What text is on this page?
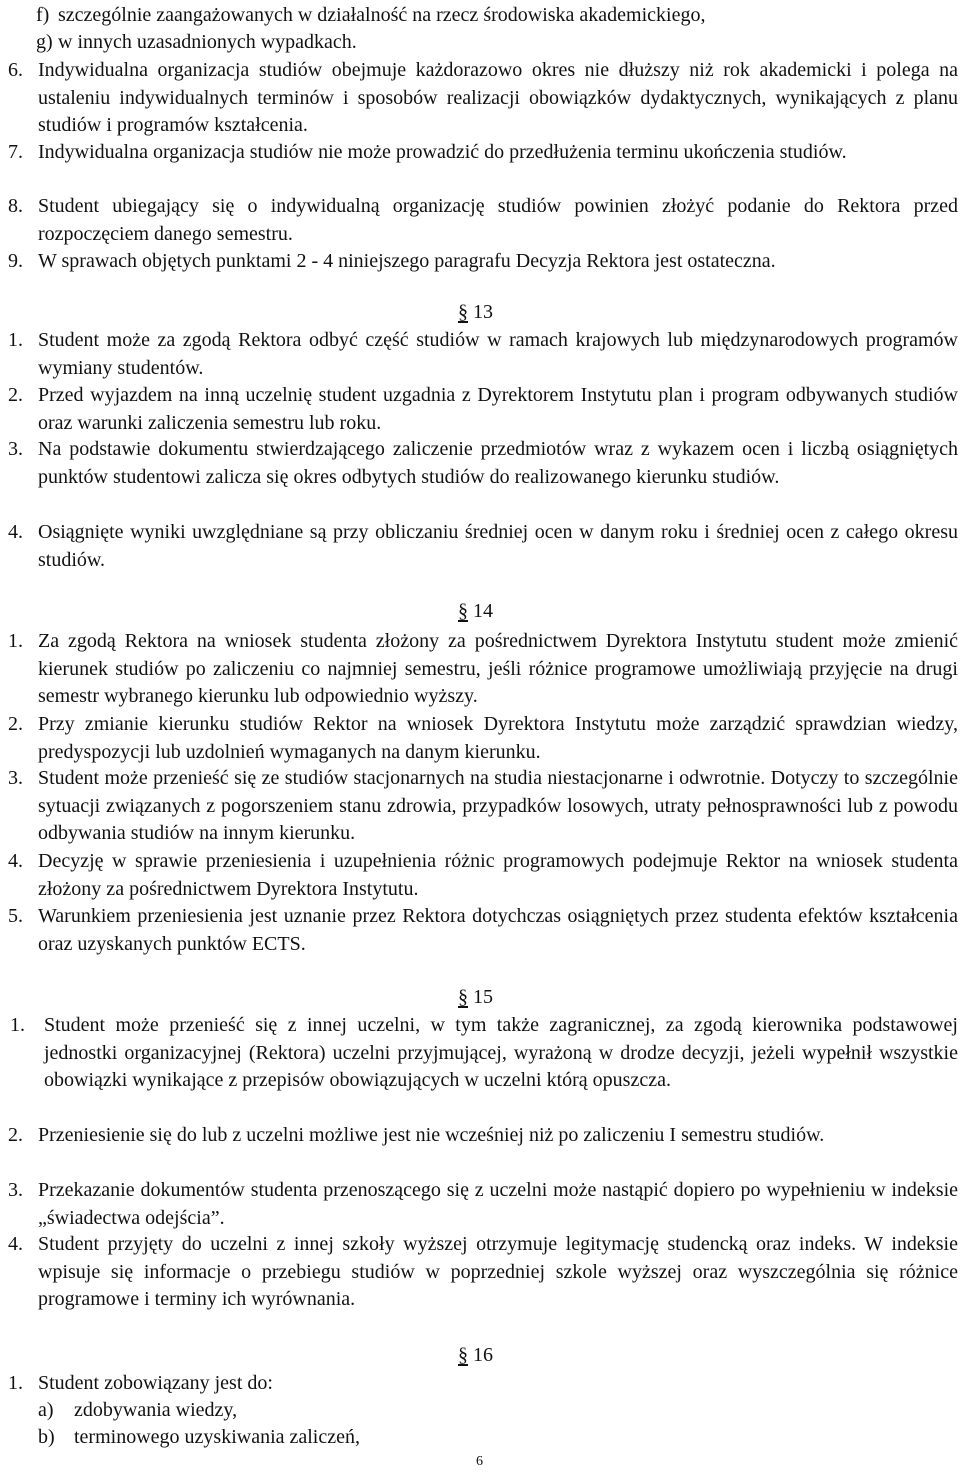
f) szczególnie zaangażowanych w działalność na rzecz środowiska akademickiego,
g) w innych uzasadnionych wypadkach.
6. Indywidualna organizacja studiów obejmuje każdorazowo okres nie dłuższy niż rok akademicki i polega na ustaleniu indywidualnych terminów i sposobów realizacji obowiązków dydaktycznych, wynikających z planu studiów i programów kształcenia.
7. Indywidualna organizacja studiów nie może prowadzić do przedłużenia terminu ukończenia studiów.
8. Student ubiegający się o indywidualną organizację studiów powinien złożyć podanie do Rektora przed rozpoczęciem danego semestru.
9. W sprawach objętych punktami 2 - 4 niniejszego paragrafu Decyzja Rektora jest ostateczna.
§ 13
1. Student może za zgodą Rektora odbyć część studiów w ramach krajowych lub międzynarodowych programów wymiany studentów.
2. Przed wyjazdem na inną uczelnię student uzgadnia z Dyrektorem Instytutu plan i program odbywanych studiów oraz warunki zaliczenia semestru lub roku.
3. Na podstawie dokumentu stwierdzającego zaliczenie przedmiotów wraz z wykazem ocen i liczbą osiągniętych punktów studentowi zalicza się okres odbytych studiów do realizowanego kierunku studiów.
4. Osiągnięte wyniki uwzględniane są przy obliczaniu średniej ocen w danym roku i średniej ocen z całego okresu studiów.
§ 14
1. Za zgodą Rektora na wniosek studenta złożony za pośrednictwem Dyrektora Instytutu student może zmienić kierunek studiów po zaliczeniu co najmniej semestru, jeśli różnice programowe umożliwiają przyjęcie na drugi semestr wybranego kierunku lub odpowiednio wyższy.
2. Przy zmianie kierunku studiów Rektor na wniosek Dyrektora Instytutu może zarządzić sprawdzian wiedzy, predyspozycji lub uzdolnień wymaganych na danym kierunku.
3. Student może przenieść się ze studiów stacjonarnych na studia niestacjonarne i odwrotnie. Dotyczy to szczególnie sytuacji związanych z pogorszeniem stanu zdrowia, przypadków losowych, utraty pełnosprawności lub z powodu odbywania studiów na innym kierunku.
4. Decyzję w sprawie przeniesienia i uzupełnienia różnic programowych podejmuje Rektor na wniosek studenta złożony za pośrednictwem Dyrektora Instytutu.
5. Warunkiem przeniesienia jest uznanie przez Rektora dotychczas osiągniętych przez studenta efektów kształcenia oraz uzyskanych punktów ECTS.
§ 15
1. Student może przenieść się z innej uczelni, w tym także zagranicznej, za zgodą kierownika podstawowej jednostki organizacyjnej (Rektora) uczelni przyjmującej, wyrażoną w drodze decyzji, jeżeli wypełnił wszystkie obowiązki wynikające z przepisów obowiązujących w uczelni którą opuszcza.
2. Przeniesienie się do lub z uczelni możliwe jest nie wcześniej niż po zaliczeniu I semestru studiów.
3. Przekazanie dokumentów studenta przenoszącego się z uczelni może nastąpić dopiero po wypełnieniu w indeksie „świadectwa odejścia”.
4. Student przyjęty do uczelni z innej szkoły wyższej otrzymuje legitymację studencką oraz indeks. W indeksie wpisuje się informacje o przebiegu studiów w poprzedniej szkole wyższej oraz wyszczególnia się różnice programowe i terminy ich wyrównania.
§ 16
1. Student zobowiązany jest do:
a) zdobywania wiedzy,
b) terminowego uzyskiwania zaliczeń,
6
